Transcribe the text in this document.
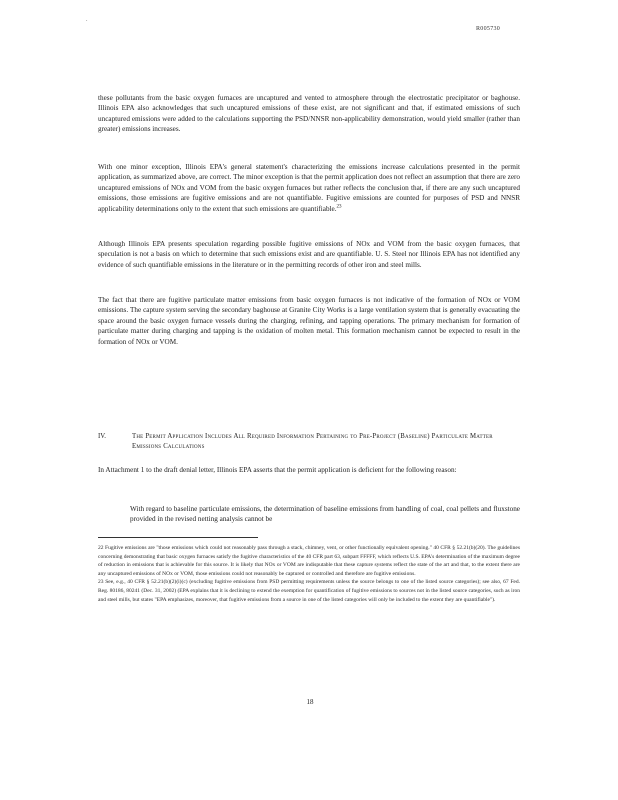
.
R005730

these pollutants from the basic oxygen furnaces are uncaptured and vented to atmosphere through the electrostatic precipitator or baghouse. Illinois EPA also acknowledges that such uncaptured emissions of these exist, are not significant and that, if estimated emissions of such uncaptured emissions were added to the calculations supporting the PSD/NNSR non-applicability demonstration, would yield smaller (rather than greater) emissions increases.

With one minor exception, Illinois EPA's general statement's characterizing the emissions increase calculations presented in the permit application, as summarized above, are correct. The minor exception is that the permit application does not reflect an assumption that there are zero uncaptured emissions of NOx and VOM from the basic oxygen furnaces but rather reflects the conclusion that, if there are any such uncaptured emissions, those emissions are fugitive emissions and are not quantifiable. Fugitive emissions are counted for purposes of PSD and NNSR applicability determinations only to the extent that such emissions are quantifiable.$^{23}$

Although Illinois EPA presents speculation regarding possible fugitive emissions of NOx and VOM from the basic oxygen furnaces, that speculation is not a basis on which to determine that such emissions exist and are quantifiable. U. S. Steel nor Illinois EPA has not identified any evidence of such quantifiable emissions in the literature or in the permitting records of other iron and steel mills.

The fact that there are fugitive particulate matter emissions from basic oxygen furnaces is not indicative of the formation of NOx or VOM emissions. The capture system serving the secondary baghouse at Granite City Works is a large ventilation system that is generally evacuating the space around the basic oxygen furnace vessels during the charging, refining, and tapping operations. The primary mechanism for formation of particulate matter during charging and tapping is the oxidation of molten metal. This formation mechanism cannot be expected to result in the formation of NOx or VOM.

IV.	The Permit Application Includes All Required Information Pertaining to Pre-Project (Baseline) Particulate Matter Emissions Calculations

In Attachment 1 to the draft denial letter, Illinois EPA asserts that the permit application is deficient for the following reason:

With regard to baseline particulate emissions, the determination of baseline emissions from handling of coal, coal pellets and fluxstone provided in the revised netting analysis cannot be

22 Fugitive emissions are "those emissions which could not reasonably pass through a stack, chimney, vent, or other functionally equivalent opening." 40 CFR § 52.21(b)(20). The guidelines concerning demonstrating that basic oxygen furnaces satisfy the fugitive characteristics of the 40 CFR part 63, subpart FFFFF, which reflects U.S. EPA's determination of the maximum degree of reduction in emissions that is achievable for this source. It is likely that NOx or VOM are indisputable that these capture systems reflect the state of the art and that, to the extent there are any uncaptured emissions of NOx or VOM, those emissions could not reasonably be captured or controlled and therefore are fugitive emissions.

23 See, e.g., 40 CFR § 52.21(b)(2)(i)(c) (excluding fugitive emissions from PSD permitting requirements unless the source belongs to one of the listed source categories); see also, 67 Fed. Reg. 80186, 80241 (Dec. 31, 2002) (EPA explains that it is declining to extend the exemption for quantification of fugitive emissions to sources not in the listed source categories, such as iron and steel mills, but states "EPA emphasizes, moreover, that fugitive emissions from a source in one of the listed categories will only be included to the extent they are quantifiable").

18
